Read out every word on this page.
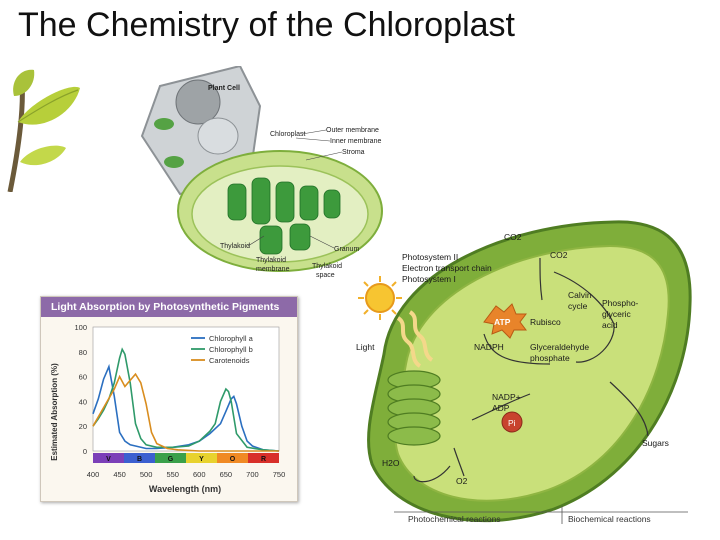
The Chemistry of the Chloroplast
Plant Cell
Chloroplast
Outer membrane
Inner membrane
Stroma
Thylakoid	Granum
Thylakoid
membrane	Thylakoid
space
Light Absorption by Photosynthetic Pigments
Estimated Absorption (%)
Wavelength (nm)
0
20
40
60
80
100
400 450 500 550 600 650 700 750
V	B	G	Y	O	R
Chlorophyll a
Chlorophyll b
Carotenoids
CO2
Photosystem II
Electron transport chain
Photosystem I
CO2
Calvin
cycle Phospho-
glyceric
acid
ATP Rubisco
NADPH	Glyceraldehyde
phosphate
Light
NADP+
ADP
Pi
Sugars
H2O
O2
Photochemical reactions	Biochemical reactions
